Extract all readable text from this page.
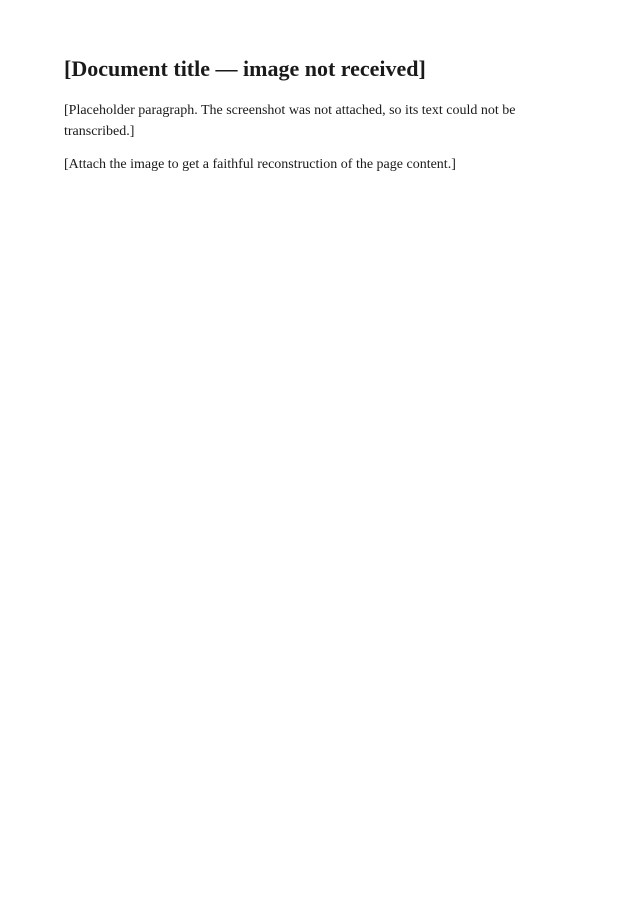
[Document title — image not received]

[Placeholder paragraph. The screenshot was not attached, so its text could not be transcribed.]

[Attach the image to get a faithful reconstruction of the page content.]
